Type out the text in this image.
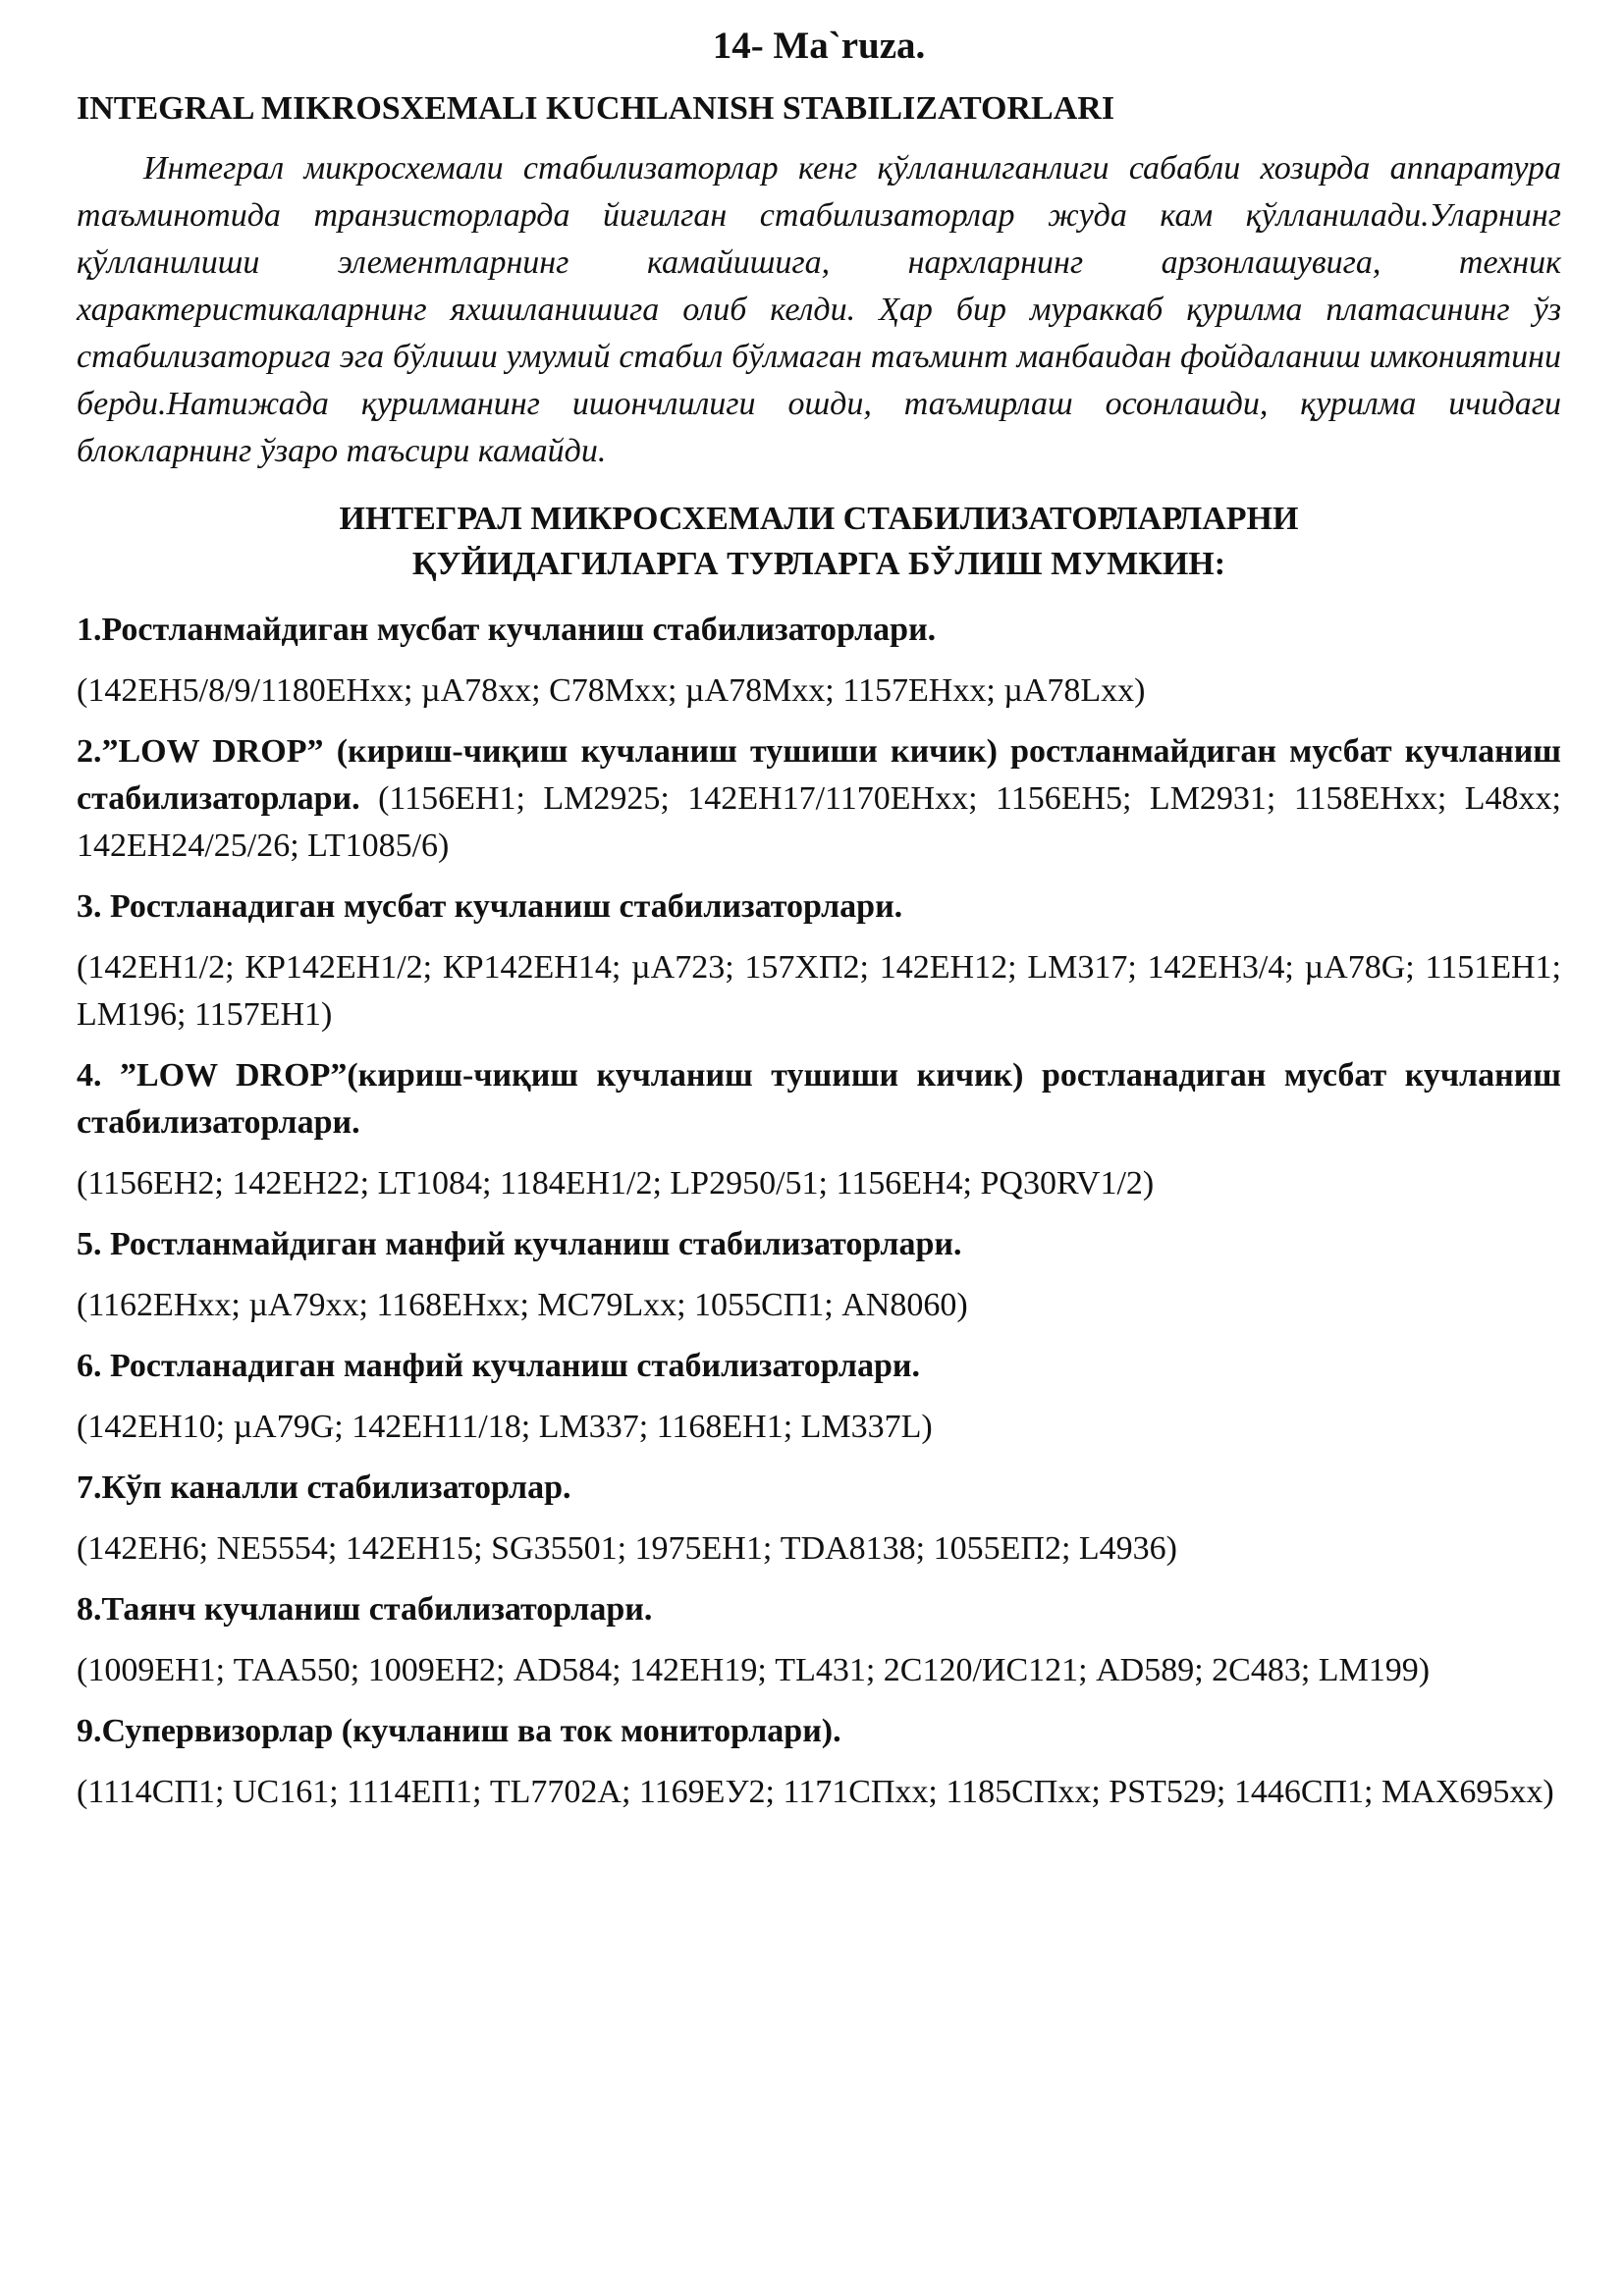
14- Ma`ruza.
INTEGRAL MIKROSXEMALI KUCHLANISH STABILIZATORLARI

Интеграл микросхемали стабилизаторлар кенг қўлланилганлиги сабабли хозирда аппаратура таъминотида транзисторларда йиғилган стабилизаторлар жуда кам қўлланилади.Уларнинг қўлланилиши элементларнинг камайишига, нархларнинг арзонлашувига, техник характеристикаларнинг яхшиланишига олиб келди. Ҳар бир мураккаб қурилма платасининг ўз стабилизаторига эга бўлиши умумий стабил бўлмаган таъминт манбаидан фойдаланиш имкониятини берди.Натижада қурилманинг ишончлилиги ошди, таъмирлаш осонлашди, қурилма ичидаги блокларнинг ўзаро таъсири камайди.

ИНТЕГРАЛ МИКРОСХЕМАЛИ СТАБИЛИЗАТОРЛАРЛАРНИ
ҚУЙИДАГИЛАРГА ТУРЛАРГА БЎЛИШ МУМКИН:
1.Ростланмайдиган мусбат кучланиш стабилизаторлари.
(142ЕН5/8/9/1180ЕНхх; µА78хх; С78Мхх; µА78Мхх; 1157ЕНхх; µА78Lхх)
2.”LOW DROP” (кириш-чиқиш кучланиш тушиши кичик) ростланмайдиган мусбат кучланиш стабилизаторлари. (1156ЕН1; LM2925; 142ЕН17/1170ЕНхх; 1156ЕН5; LM2931; 1158ЕНхх; L48хх; 142ЕН24/25/26; LT1085/6)
3. Ростланадиган мусбат кучланиш стабилизаторлари.
(142ЕН1/2; КР142ЕН1/2; КР142ЕН14; µА723; 157ХП2; 142ЕН12; LM317; 142ЕН3/4; µА78G; 1151ЕН1; LM196; 1157ЕН1)
4. ”LOW DROP”(кириш-чиқиш кучланиш тушиши кичик) ростланадиган мусбат кучланиш стабилизаторлари.
(1156ЕН2; 142ЕН22; LT1084; 1184ЕН1/2; LP2950/51; 1156ЕН4; PQ30RV1/2)
5. Ростланмайдиган манфий кучланиш стабилизаторлари.
(1162ЕНхх; µА79хх; 1168ЕНхх; МС79Lхх; 1055СП1; AN8060)
6. Ростланадиган манфий кучланиш стабилизаторлари.
(142ЕН10; µА79G; 142ЕН11/18; LM337; 1168ЕН1; LM337L)
7.Кўп каналли стабилизаторлар.
(142ЕН6; NE5554; 142ЕН15; SG35501; 1975ЕН1; TDA8138; 1055ЕП2; L4936)
8.Таянч кучланиш стабилизаторлари.
(1009ЕН1; ТАА550; 1009ЕН2; AD584; 142ЕН19; TL431; 2С120/ИС121; AD589; 2С483; LM199)
9.Супервизорлар (кучланиш ва ток мониторлари).
(1114СП1; UC161; 1114ЕП1; TL7702A; 1169ЕУ2; 1171СПхх; 1185СПхх; PST529; 1446СП1; МАХ695хх)
